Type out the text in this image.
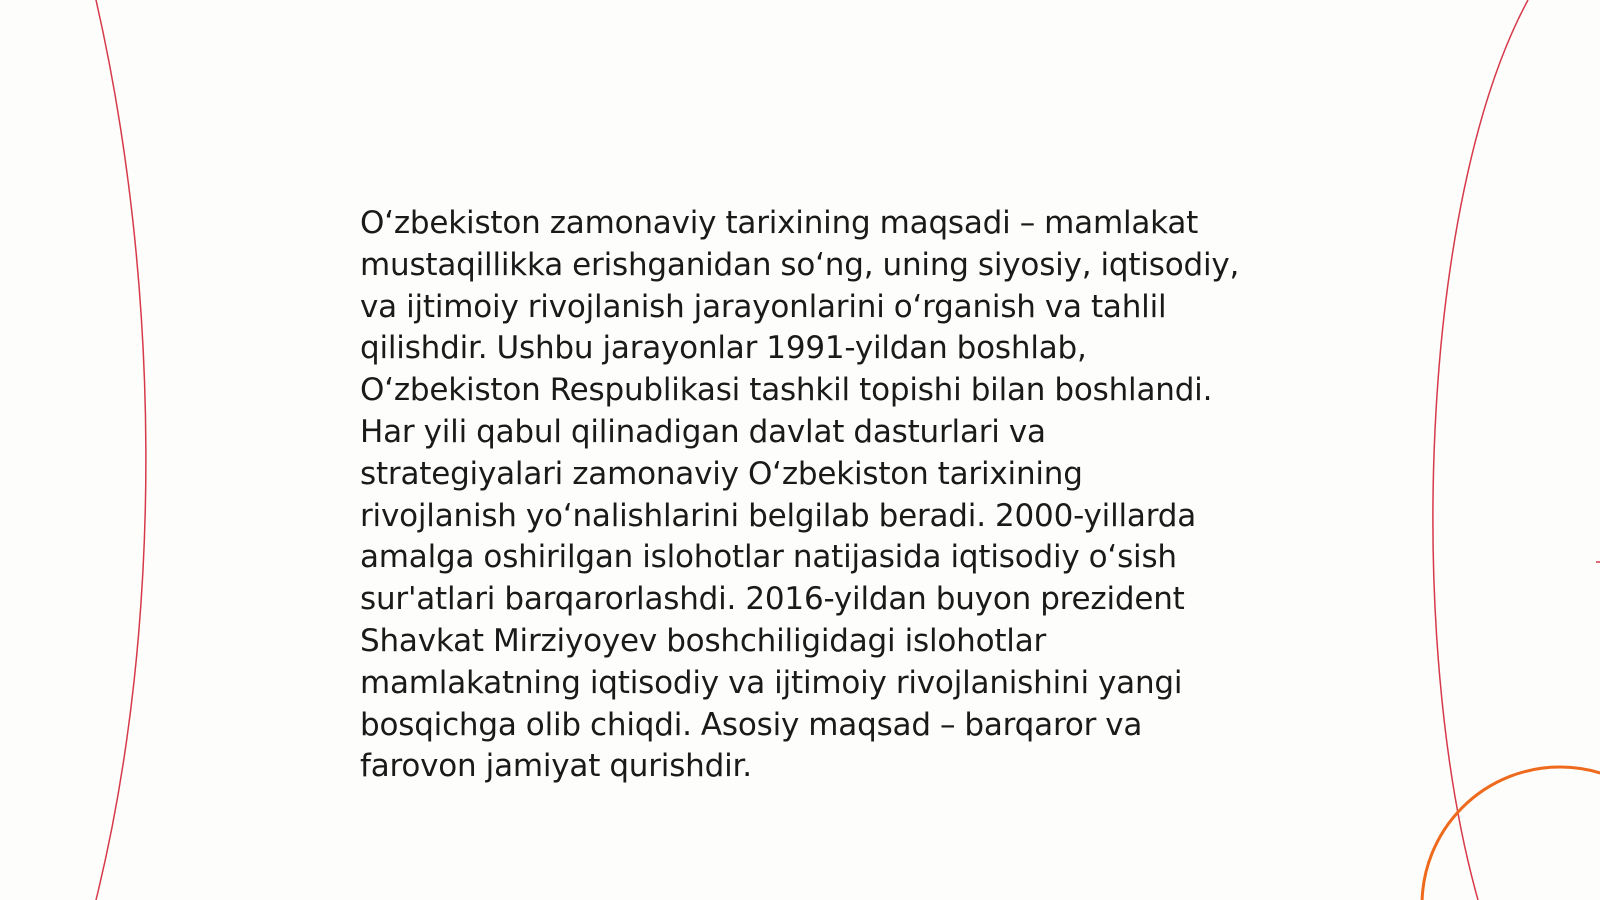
O‘zbekiston zamonaviy tarixining maqsadi – mamlakat mustaqillikka erishganidan so‘ng, uning siyosiy, iqtisodiy, va ijtimoiy rivojlanish jarayonlarini o‘rganish va tahlil qilishdir. Ushbu jarayonlar 1991-yildan boshlab, O‘zbekiston Respublikasi tashkil topishi bilan boshlandi. Har yili qabul qilinadigan davlat dasturlari va strategiyalari zamonaviy O‘zbekiston tarixining rivojlanish yo‘nalishlarini belgilab beradi. 2000-yillarda amalga oshirilgan islohotlar natijasida iqtisodiy o‘sish sur'atlari barqarorlashdi. 2016-yildan buyon prezident Shavkat Mirziyoyev boshchiligidagi islohotlar mamlakatning iqtisodiy va ijtimoiy rivojlanishini yangi bosqichga olib chiqdi. Asosiy maqsad – barqaror va farovon jamiyat qurishdir.
